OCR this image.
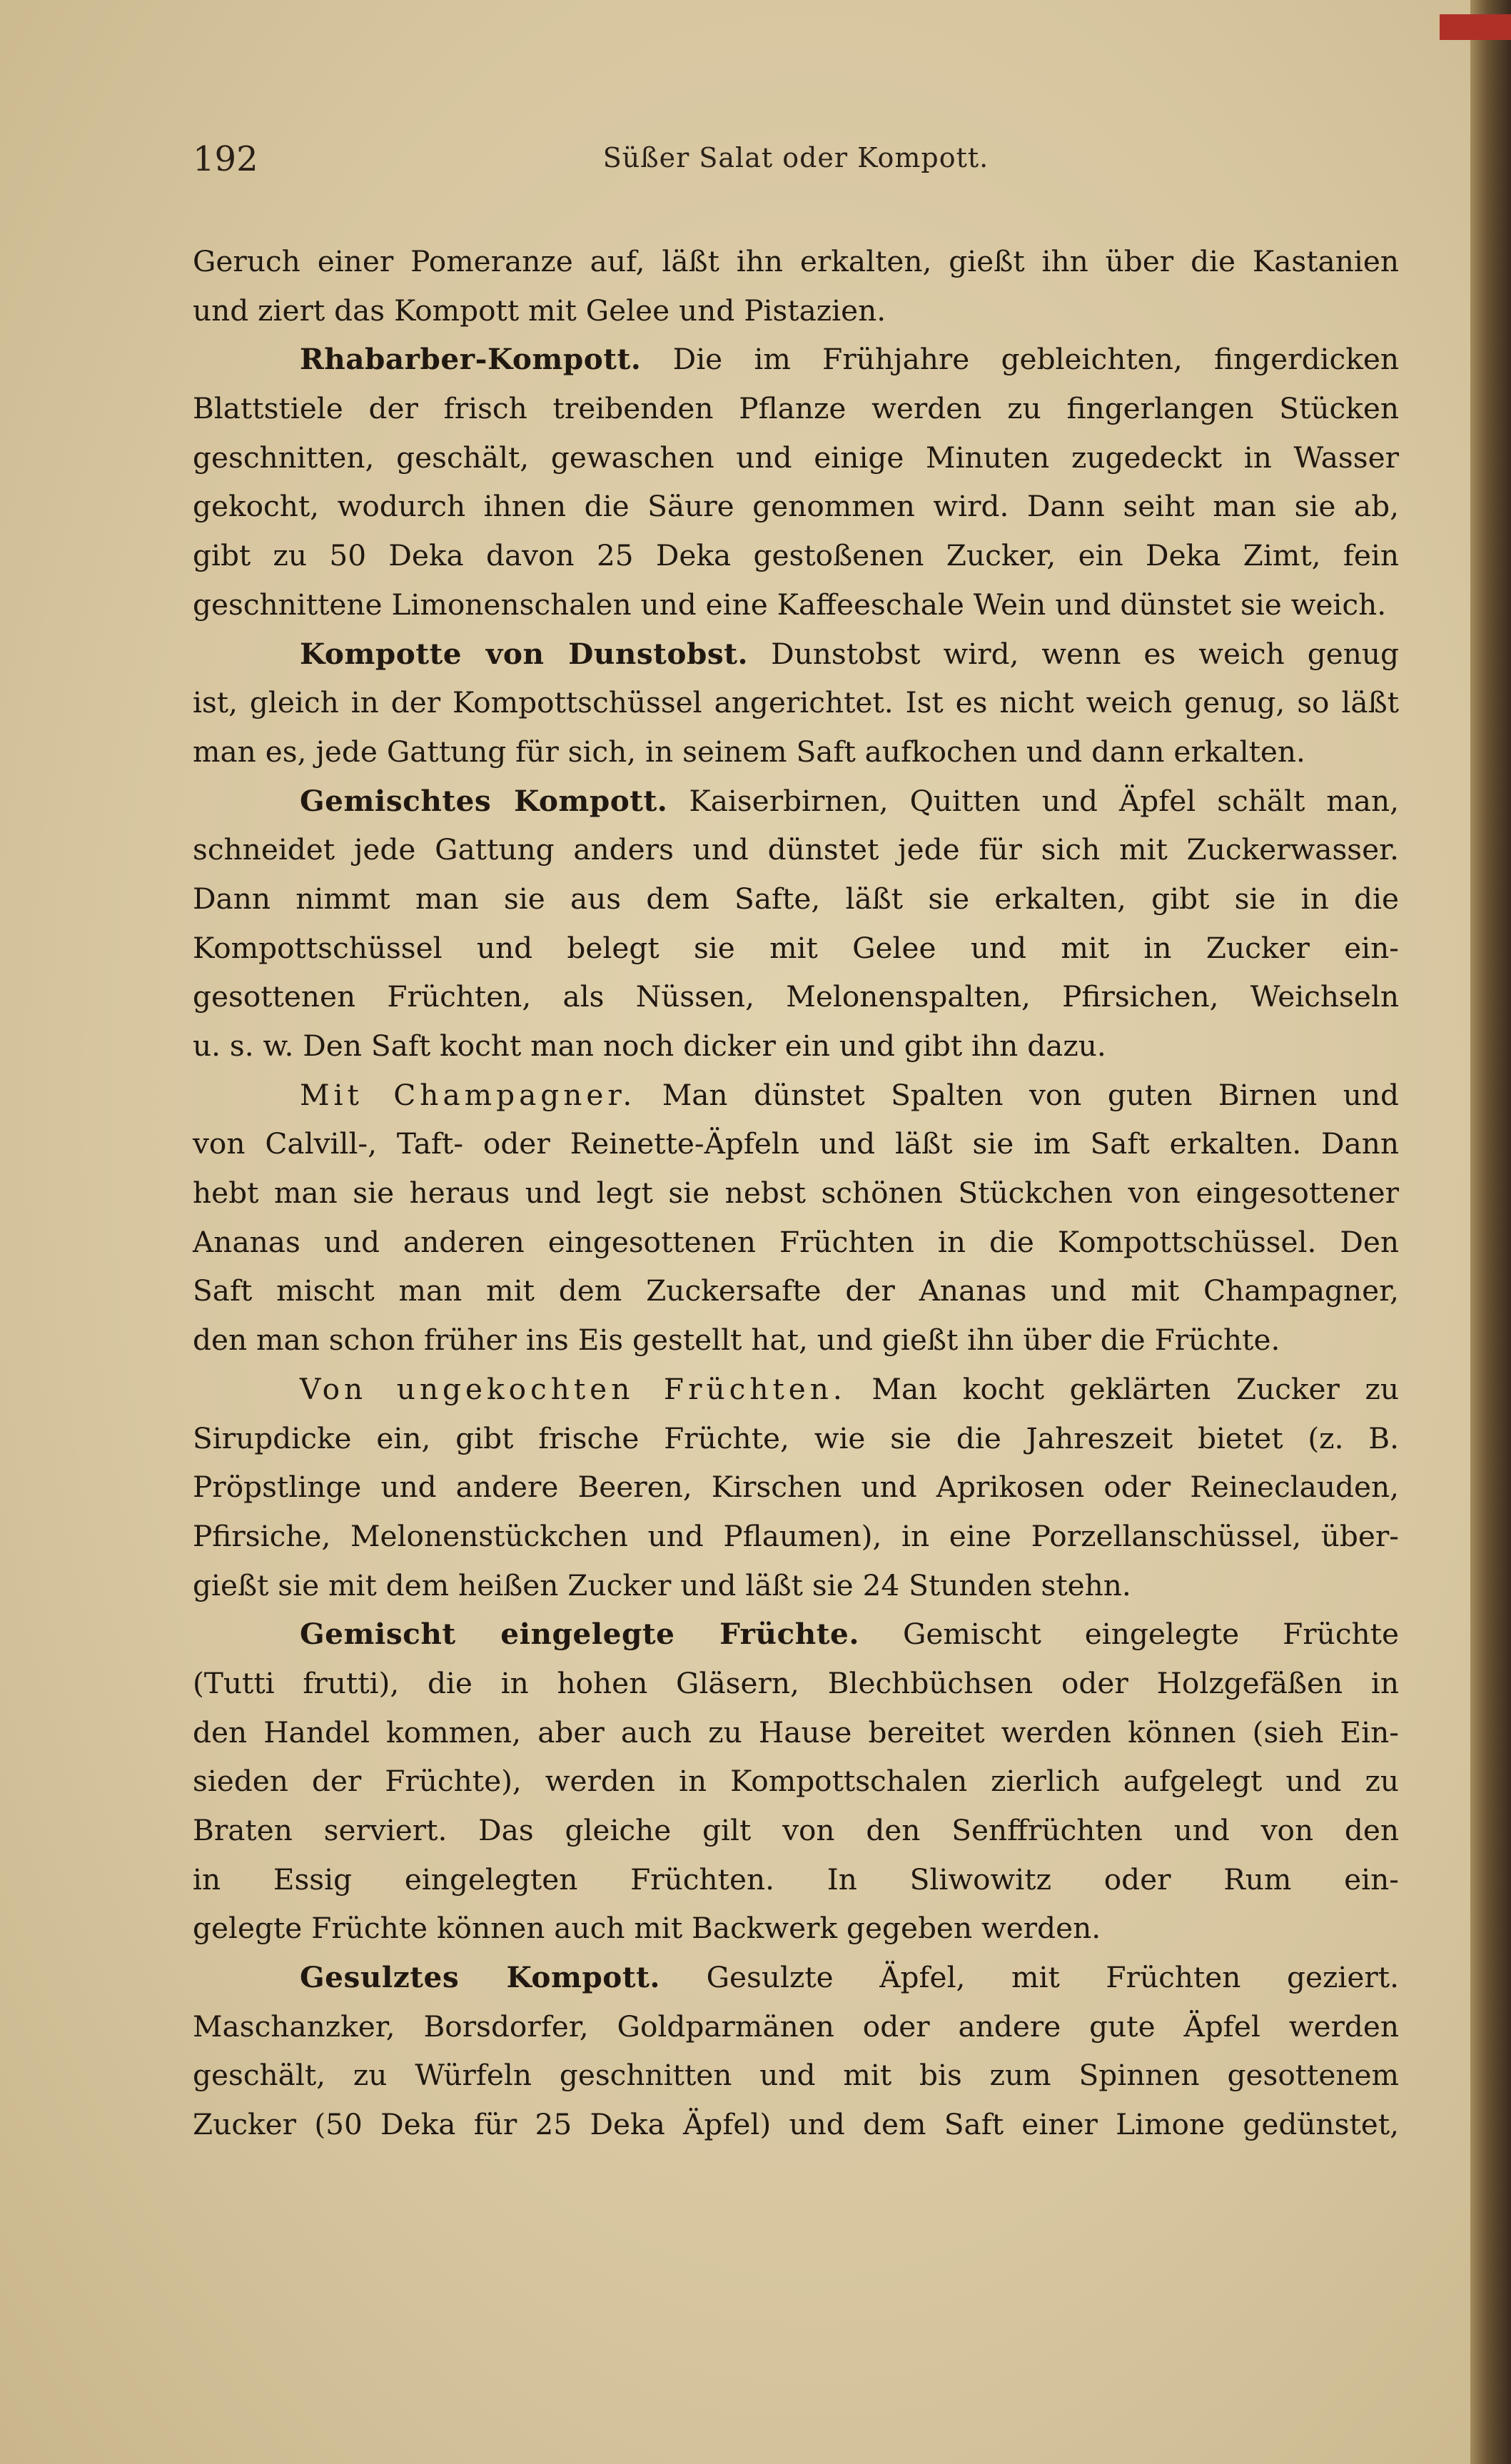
192	Süßer Salat oder Kompott.
Geruch einer Pomeranze auf, läßt ihn erkalten, gießt ihn über die Kastanien
und ziert das Kompott mit Gelee und Pistazien.
Rhabarber-Kompott. Die im Frühjahre gebleichten, fingerdicken
Blattstiele der frisch treibenden Pflanze werden zu fingerlangen Stücken
geschnitten, geschält, gewaschen und einige Minuten zugedeckt in Wasser
gekocht, wodurch ihnen die Säure genommen wird. Dann seiht man sie ab,
gibt zu 50 Deka davon 25 Deka gestoßenen Zucker, ein Deka Zimt, fein
geschnittene Limonenschalen und eine Kaffeeschale Wein und dünstet sie weich.
Kompotte von Dunstobst. Dunstobst wird, wenn es weich genug
ist, gleich in der Kompottschüssel angerichtet. Ist es nicht weich genug, so läßt
man es, jede Gattung für sich, in seinem Saft aufkochen und dann erkalten.
Gemischtes Kompott. Kaiserbirnen, Quitten und Äpfel schält man,
schneidet jede Gattung anders und dünstet jede für sich mit Zuckerwasser.
Dann nimmt man sie aus dem Safte, läßt sie erkalten, gibt sie in die
Kompottschüssel und belegt sie mit Gelee und mit in Zucker ein-
gesottenen Früchten, als Nüssen, Melonenspalten, Pfirsichen, Weichseln
u. s. w. Den Saft kocht man noch dicker ein und gibt ihn dazu.
Mit Champagner. Man dünstet Spalten von guten Birnen und
von Calvill-, Taft- oder Reinette-Äpfeln und läßt sie im Saft erkalten. Dann
hebt man sie heraus und legt sie nebst schönen Stückchen von eingesottener
Ananas und anderen eingesottenen Früchten in die Kompottschüssel. Den
Saft mischt man mit dem Zuckersafte der Ananas und mit Champagner,
den man schon früher ins Eis gestellt hat, und gießt ihn über die Früchte.
Von ungekochten Früchten. Man kocht geklärten Zucker zu
Sirupdicke ein, gibt frische Früchte, wie sie die Jahreszeit bietet (z. B.
Pröpstlinge und andere Beeren, Kirschen und Aprikosen oder Reineclauden,
Pfirsiche, Melonenstückchen und Pflaumen), in eine Porzellanschüssel, über-
gießt sie mit dem heißen Zucker und läßt sie 24 Stunden stehn.
Gemischt eingelegte Früchte. Gemischt eingelegte Früchte
(Tutti frutti), die in hohen Gläsern, Blechbüchsen oder Holzgefäßen in
den Handel kommen, aber auch zu Hause bereitet werden können (sieh Ein-
sieden der Früchte), werden in Kompottschalen zierlich aufgelegt und zu
Braten serviert. Das gleiche gilt von den Senffrüchten und von den
in Essig eingelegten Früchten. In Sliwowitz oder Rum ein-
gelegte Früchte können auch mit Backwerk gegeben werden.
Gesulztes Kompott. Gesulzte Äpfel, mit Früchten geziert.
Maschanzker, Borsdorfer, Goldparmänen oder andere gute Äpfel werden
geschält, zu Würfeln geschnitten und mit bis zum Spinnen gesottenem
Zucker (50 Deka für 25 Deka Äpfel) und dem Saft einer Limone gedünstet,
